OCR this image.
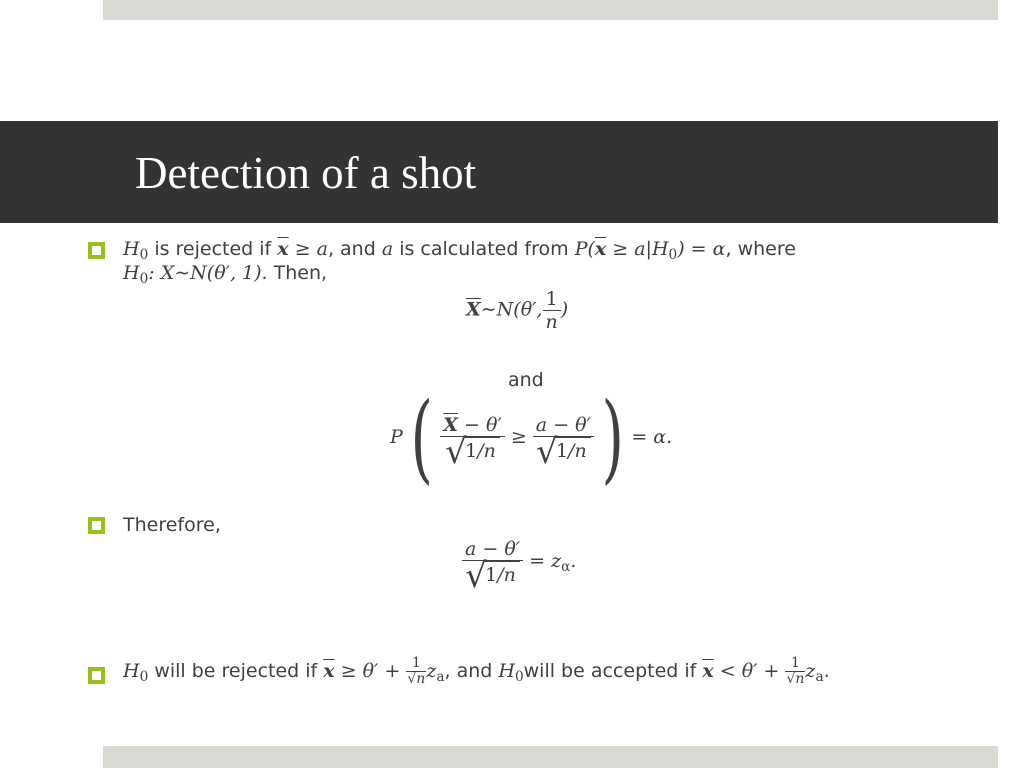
Detection of a shot
$H_0$ is rejected if $\overline{x} \ge a$, and a is calculated from $P(\overline{x} \ge a|H_0) = \alpha$, where
$H_0$: X∼N(θ′, 1). Then,
$\overline{X}\sim N(\theta'$, $\frac{1}{n}$ )
and
P( $\overline{X} - \theta'$
√
1/n ≥ a − θ′
√
1/n ) = α.
Therefore,
a − θ′
√
$1/n = z_\alpha$.
$H_0$ will be rejected if $\overline{x} \ge \theta' + \frac{1}{√n} z_a$, and $H_0will$ be accepted if $\overline{x} < \theta' + \frac{1}{√n} z_a$.
